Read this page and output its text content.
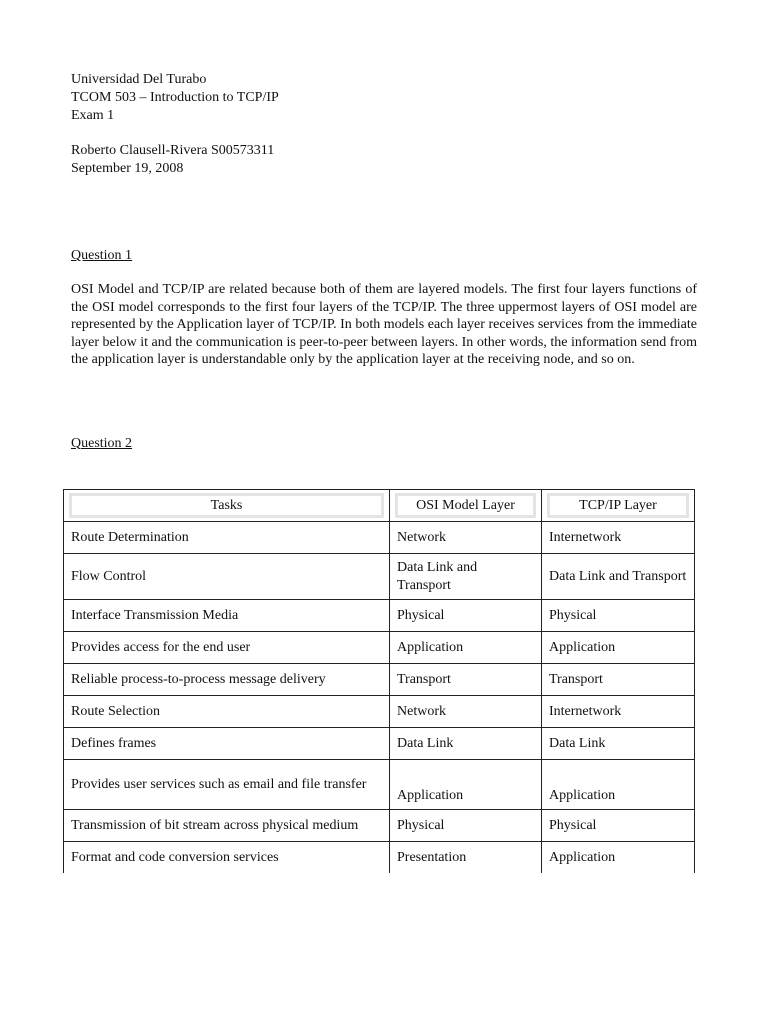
Universidad Del Turabo
TCOM 503 – Introduction to TCP/IP
Exam 1
Roberto Clausell-Rivera S00573311
September 19, 2008
Question 1

OSI Model and TCP/IP are related because both of them are layered models. The first four layers functions of the OSI model corresponds to the first four layers of the TCP/IP. The three uppermost layers of OSI model are represented by the Application layer of TCP/IP. In both models each layer receives services from the immediate layer below it and the communication is peer-to-peer between layers. In other words, the information send from the application layer is understandable only by the application layer at the receiving node, and so on.

Question 2
Tasks	OSI Model Layer	TCP/IP Layer

Route Determination	Network	Internetwork
Flow Control	Data Link and Transport	Data Link and Transport
Interface Transmission Media	Physical	Physical
Provides access for the end user	Application	Application
Reliable process-to-process message delivery	Transport	Transport
Route Selection	Network	Internetwork
Defines frames	Data Link	Data Link
Provides user services such as email and file transfer	Application	Application
Transmission of bit stream across physical medium	Physical	Physical
Format and code conversion services	Presentation	Application
